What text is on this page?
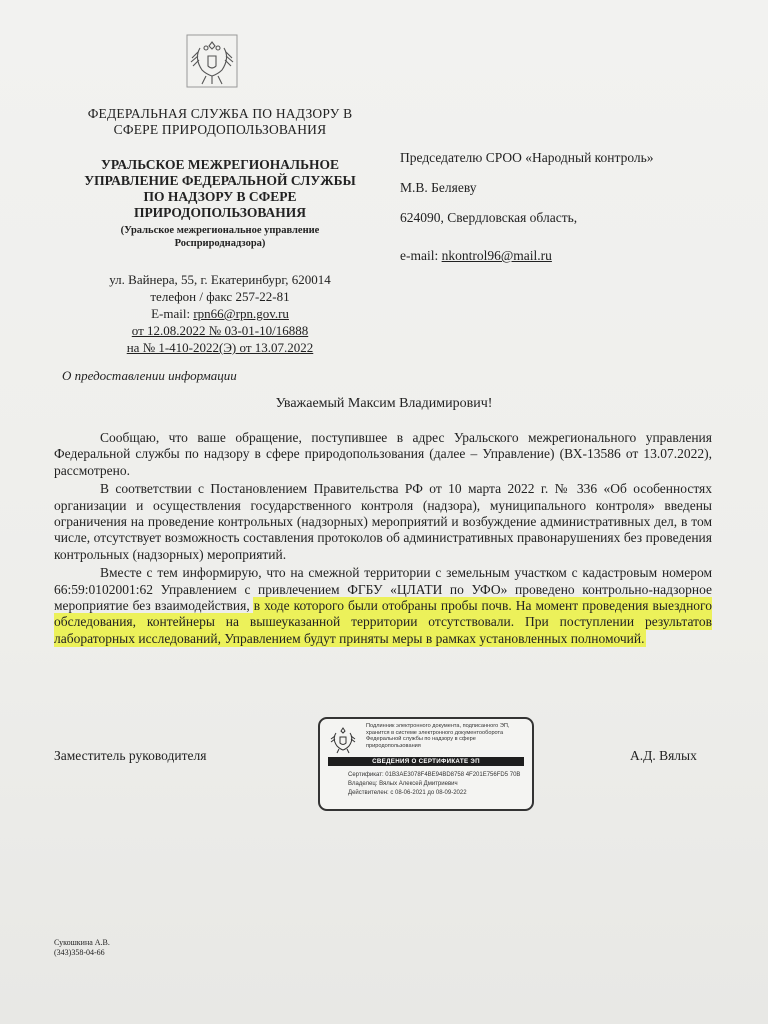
ФЕДЕРАЛЬНАЯ СЛУЖБА ПО НАДЗОРУ В
СФЕРЕ ПРИРОДОПОЛЬЗОВАНИЯ
УРАЛЬСКОЕ МЕЖРЕГИОНАЛЬНОЕ
УПРАВЛЕНИЕ ФЕДЕРАЛЬНОЙ СЛУЖБЫ
ПО НАДЗОРУ В СФЕРЕ
ПРИРОДОПОЛЬЗОВАНИЯ
(Уральское межрегиональное управление
Росприроднадзора)
ул. Вайнера, 55, г. Екатеринбург, 620014
телефон / факс 257-22-81
E-mail: rpn66@rpn.gov.ru
от 12.08.2022 № 03-01-10/16888
на № 1-410-2022(Э) от 13.07.2022
Председателю СРОО «Народный контроль»
М.В. Беляеву
624090, Свердловская область,
e-mail: nkontrol96@mail.ru
О предоставлении информации
Уважаемый Максим Владимирович!

Сообщаю, что ваше обращение, поступившее в адрес Уральского межрегионального управления Федеральной службы по надзору в сфере природопользования (далее – Управление) (ВХ-13586 от 13.07.2022), рассмотрено.

В соответствии с Постановлением Правительства РФ от 10 марта 2022 г. № 336 «Об особенностях организации и осуществления государственного контроля (надзора), муниципального контроля» введены ограничения на проведение контрольных (надзорных) мероприятий и возбуждение административных дел, в том числе, отсутствует возможность составления протоколов об административных правонарушениях без проведения контрольных (надзорных) мероприятий.

Вместе с тем информирую, что на смежной территории с земельным участком с кадастровым номером 66:59:0102001:62 Управлением с привлечением ФГБУ «ЦЛАТИ по УФО» проведено контрольно-надзорное мероприятие без взаимодействия, в ходе которого были отобраны пробы почв. На момент проведения выездного обследования, контейнеры на вышеуказанной территории отсутствовали. При поступлении результатов лабораторных исследований, Управлением будут приняты меры в рамках установленных полномочий.

Заместитель руководителя
Подлинник электронного документа, подписанного ЭП, хранится в системе электронного документооборота Федеральной службы по надзору в сфере природопользования
СВЕДЕНИЯ О СЕРТИФИКАТЕ ЭП
Сертификат: 01B3AE3078F4BE94BD8758 4F201E756FD5 70B
Владелец: Вялых Алексей Дмитриевич
Действителен: с 08-06-2021 до 08-09-2022
А.Д. Вялых
Сукошкина А.В.
(343)358-04-66
